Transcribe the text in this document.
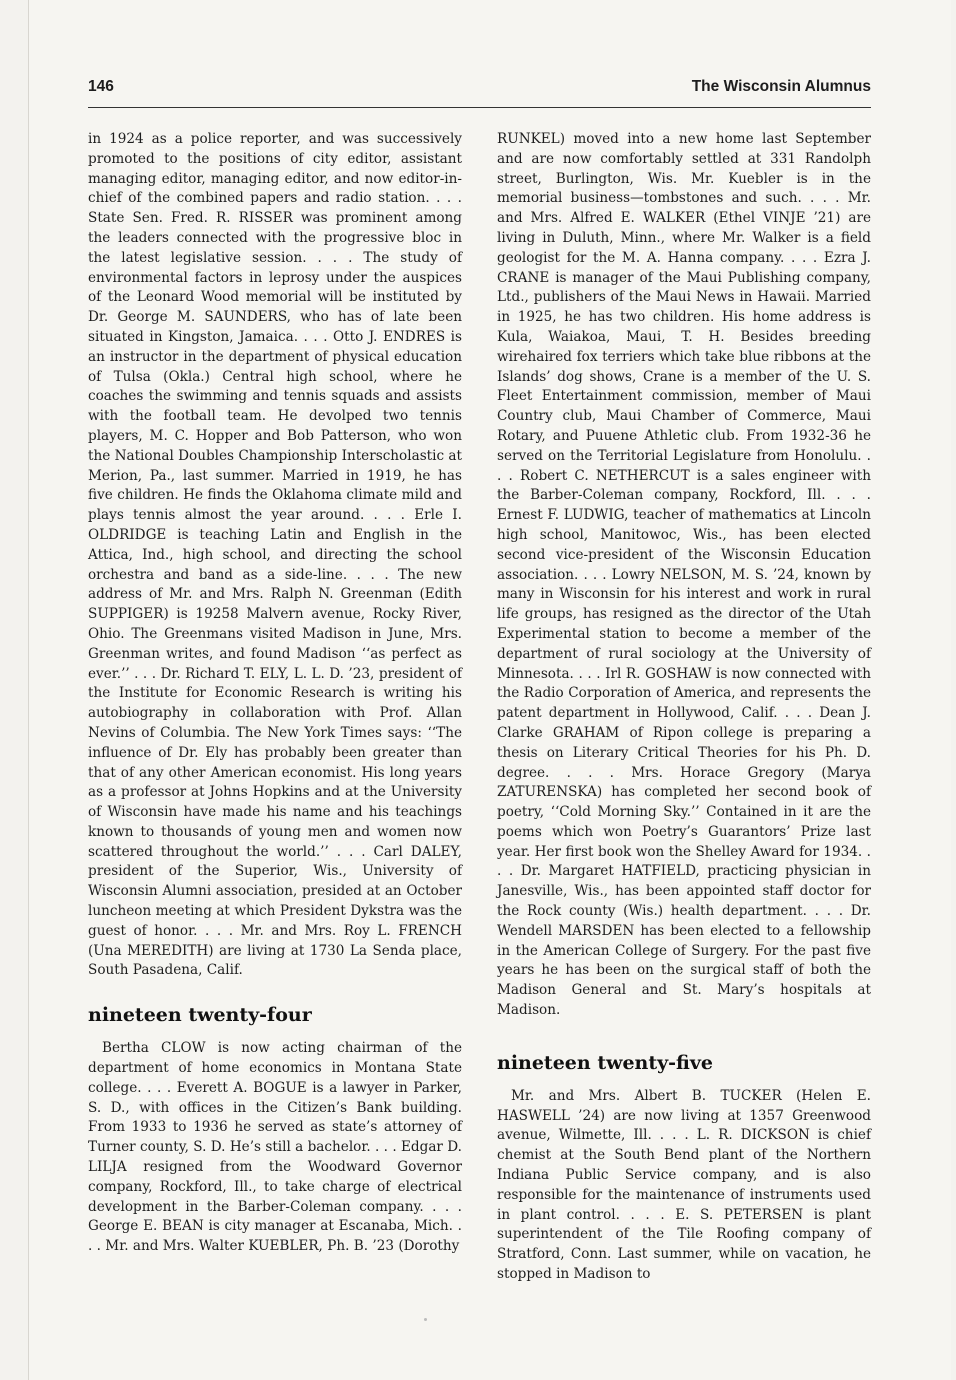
146	The Wisconsin Alumnus

in 1924 as a police reporter, and was successively promoted to the positions of city editor, assistant managing editor, managing editor, and now editor-in-chief of the combined papers and radio station. . . . State Sen. Fred. R. RISSER was prominent among the leaders connected with the progressive bloc in the latest legislative session. . . . The study of environmental factors in leprosy under the auspices of the Leonard Wood memorial will be instituted by Dr. George M. SAUNDERS, who has of late been situated in Kingston, Jamaica. . . . Otto J. ENDRES is an instructor in the department of physical education of Tulsa (Okla.) Central high school, where he coaches the swimming and tennis squads and assists with the football team. He devolped two tennis players, M. C. Hopper and Bob Patterson, who won the National Doubles Championship Interscholastic at Merion, Pa., last summer. Married in 1919, he has five children. He finds the Oklahoma climate mild and plays tennis almost the year around. . . . Erle I. OLDRIDGE is teaching Latin and English in the Attica, Ind., high school, and directing the school orchestra and band as a side-line. . . . The new address of Mr. and Mrs. Ralph N. Greenman (Edith SUPPIGER) is 19258 Malvern avenue, Rocky River, Ohio. The Greenmans visited Madison in June, Mrs. Greenman writes, and found Madison ‘‘as perfect as ever.’’ . . . Dr. Richard T. ELY, L. L. D. ’23, president of the Institute for Economic Research is writing his autobiography in collaboration with Prof. Allan Nevins of Columbia. The New York Times says: ‘‘The influence of Dr. Ely has probably been greater than that of any other American economist. His long years as a professor at Johns Hopkins and at the University of Wisconsin have made his name and his teachings known to thousands of young men and women now scattered throughout the world.’’ . . . Carl DALEY, president of the Superior, Wis., University of Wisconsin Alumni association, presided at an October luncheon meeting at which President Dykstra was the guest of honor. . . . Mr. and Mrs. Roy L. FRENCH (Una MEREDITH) are living at 1730 La Senda place, South Pasadena, Calif.

nineteen twenty-four

Bertha CLOW is now acting chairman of the department of home economics in Montana State college. . . . Everett A. BOGUE is a lawyer in Parker, S. D., with offices in the Citizen’s Bank building. From 1933 to 1936 he served as state’s attorney of Turner county, S. D. He’s still a bachelor. . . . Edgar D. LILJA resigned from the Woodward Governor company, Rockford, Ill., to take charge of electrical development in the Barber-Coleman company. . . . George E. BEAN is city manager at Escanaba, Mich. . . . Mr. and Mrs. Walter KUEBLER, Ph. B. ’23 (Dorothy

RUNKEL) moved into a new home last September and are now comfortably settled at 331 Randolph street, Burlington, Wis. Mr. Kuebler is in the memorial business—tombstones and such. . . . Mr. and Mrs. Alfred E. WALKER (Ethel VINJE ’21) are living in Duluth, Minn., where Mr. Walker is a field geologist for the M. A. Hanna company. . . . Ezra J. CRANE is manager of the Maui Publishing company, Ltd., publishers of the Maui News in Hawaii. Married in 1925, he has two children. His home address is Kula, Waiakoa, Maui, T. H. Besides breeding wirehaired fox terriers which take blue ribbons at the Islands’ dog shows, Crane is a member of the U. S. Fleet Entertainment commission, member of Maui Country club, Maui Chamber of Commerce, Maui Rotary, and Puuene Athletic club. From 1932-36 he served on the Territorial Legislature from Honolulu. . . . Robert C. NETHERCUT is a sales engineer with the Barber-Coleman company, Rockford, Ill. . . . Ernest F. LUDWIG, teacher of mathematics at Lincoln high school, Manitowoc, Wis., has been elected second vice-president of the Wisconsin Education association. . . . Lowry NELSON, M. S. ’24, known by many in Wisconsin for his interest and work in rural life groups, has resigned as the director of the Utah Experimental station to become a member of the department of rural sociology at the University of Minnesota. . . . Irl R. GOSHAW is now connected with the Radio Corporation of America, and represents the patent department in Hollywood, Calif. . . . Dean J. Clarke GRAHAM of Ripon college is preparing a thesis on Literary Critical Theories for his Ph. D. degree. . . . Mrs. Horace Gregory (Marya ZATURENSKA) has completed her second book of poetry, ‘‘Cold Morning Sky.’’ Contained in it are the poems which won Poetry’s Guarantors’ Prize last year. Her first book won the Shelley Award for 1934. . . . Dr. Margaret HATFIELD, practicing physician in Janesville, Wis., has been appointed staff doctor for the Rock county (Wis.) health department. . . . Dr. Wendell MARSDEN has been elected to a fellowship in the American College of Surgery. For the past five years he has been on the surgical staff of both the Madison General and St. Mary’s hospitals at Madison.

nineteen twenty-five

Mr. and Mrs. Albert B. TUCKER (Helen E. HASWELL ’24) are now living at 1357 Greenwood avenue, Wilmette, Ill. . . . L. R. DICKSON is chief chemist at the South Bend plant of the Northern Indiana Public Service company, and is also responsible for the maintenance of instruments used in plant control. . . . E. S. PETERSEN is plant superintendent of the Tile Roofing company of Stratford, Conn. Last summer, while on vacation, he stopped in Madison to
